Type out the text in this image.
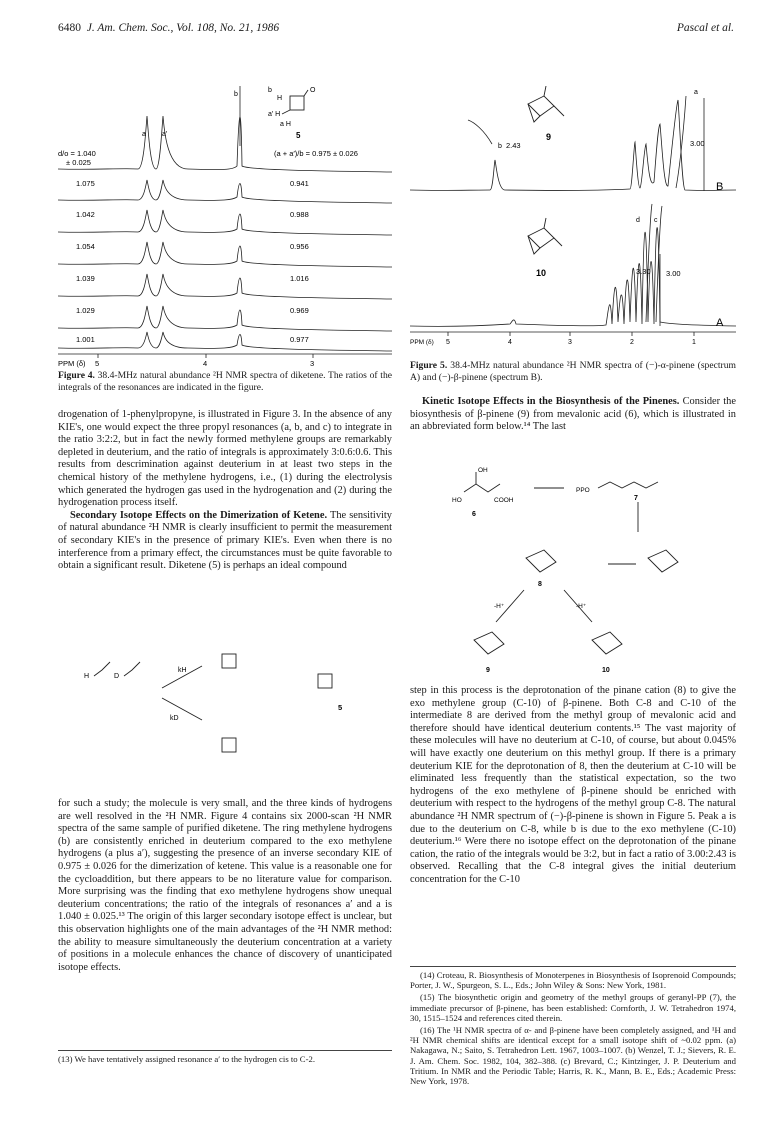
6480 J. Am. Chem. Soc., Vol. 108, No. 21, 1986	Pascal et al.
b
H
O
a′ H
a H
5
a a′
b
d/o = 1.040
± 0.025
(a + a′)/b = 0.975 ± 0.026
1.075
1.042
1.054
1.039
1.029
1.001
0.941
0.988
0.956
1.016
0.969
0.977
PPM (δ) 5	4	3
Figure 4. 38.4-MHz natural abundance ²H NMR spectra of diketene. The ratios of the integrals of the resonances are indicated in the figure.
9
b 2.43
a
3.00
B
10
d c
3.30 3.00
A
PPM (δ) 5	4	3	2	1
Figure 5. 38.4-MHz natural abundance ²H NMR spectra of (−)-α-pinene (spectrum A) and (−)-β-pinene (spectrum B).

drogenation of 1-phenylpropyne, is illustrated in Figure 3. In the absence of any KIE's, one would expect the three propyl resonances (a, b, and c) to integrate in the ratio 3:2:2, but in fact the newly formed methylene groups are remarkably depleted in deuterium, and the ratio of integrals is approximately 3:0.6:0.6. This results from descrimination against deuterium in at least two steps in the chemical history of the methylene hydrogens, i.e., (1) during the electrolysis which generated the hydrogen gas used in the hydrogenation and (2) during the hydrogenation process itself.

Secondary Isotope Effects on the Dimerization of Ketene. The sensitivity of natural abundance ²H NMR is clearly insufficient to permit the measurement of secondary KIE's in the presence of primary KIE's. Even when there is no interference from a primary effect, the circumstances must be quite favorable to obtain a significant result. Diketene (5) is perhaps an ideal compound

H	D
kH
kD
5

for such a study; the molecule is very small, and the three kinds of hydrogens are well resolved in the ²H NMR. Figure 4 contains six 2000-scan ²H NMR spectra of the same sample of purified diketene. The ring methylene hydrogens (b) are consistently enriched in deuterium compared to the exo methylene hydrogens (a plus a′), suggesting the presence of an inverse secondary KIE of 0.975 ± 0.026 for the dimerization of ketene. This value is a reasonable one for the cycloaddition, but there appears to be no literature value for comparison. More surprising was the finding that exo methylene hydrogens show unequal deuterium concentrations; the ratio of the integrals of resonances a′ and a is 1.040 ± 0.025.¹³ The origin of this larger secondary isotope effect is unclear, but this observation highlights one of the main advantages of the ²H NMR method: the ability to measure simultaneously the deuterium concentration at a variety of positions in a molecule enhances the chance of discovery of unanticipated isotope effects.

(13) We have tentatively assigned resonance a′ to the hydrogen cis to C-2.

Kinetic Isotope Effects in the Biosynthesis of the Pinenes. Consider the biosynthesis of β-pinene (9) from mevalonic acid (6), which is illustrated in an abbreviated form below.¹⁴ The last

OH
HO	COOH
6
PPO
7
8
-H⁺	-H⁺
9	10

step in this process is the deprotonation of the pinane cation (8) to give the exo methylene group (C-10) of β-pinene. Both C-8 and C-10 of the intermediate 8 are derived from the methyl group of mevalonic acid and therefore should have identical deuterium contents.¹⁵ The vast majority of these molecules will have no deuterium at C-10, of course, but about 0.045% will have exactly one deuterium on this methyl group. If there is a primary deuterium KIE for the deprotonation of 8, then the deuterium at C-10 will be eliminated less frequently than the statistical expectation, so the two hydrogens of the exo methylene of β-pinene should be enriched with deuterium with respect to the hydrogens of the methyl group C-8. The natural abundance ²H NMR spectrum of (−)-β-pinene is shown in Figure 5. Peak a is due to the deuterium on C-8, while b is due to the exo methylene (C-10) deuterium.¹⁶ Were there no isotope effect on the deprotonation of the pinane cation, the ratio of the integrals would be 3:2, but in fact a ratio of 3.00:2.43 is observed. Recalling that the C-8 integral gives the initial deuterium concentration for the C-10

(14) Croteau, R. Biosynthesis of Monoterpenes in Biosynthesis of Isoprenoid Compounds; Porter, J. W., Spurgeon, S. L., Eds.; John Wiley & Sons: New York, 1981.

(15) The biosynthetic origin and geometry of the methyl groups of geranyl-PP (7), the immediate precursor of β-pinene, has been established: Cornforth, J. W. Tetrahedron 1974, 30, 1515–1524 and references cited therein.

(16) The ¹H NMR spectra of α- and β-pinene have been completely assigned, and ¹H and ²H NMR chemical shifts are identical except for a small isotope shift of ~0.02 ppm. (a) Nakagawa, N.; Saito, S. Tetrahedron Lett. 1967, 1003–1007. (b) Wenzel, T. J.; Sievers, R. E. J. Am. Chem. Soc. 1982, 104, 382–388. (c) Brevard, C.; Kintzinger, J. P. Deuterium and Tritium. In NMR and the Periodic Table; Harris, R. K., Mann, B. E., Eds.; Academic Press: New York, 1978.
